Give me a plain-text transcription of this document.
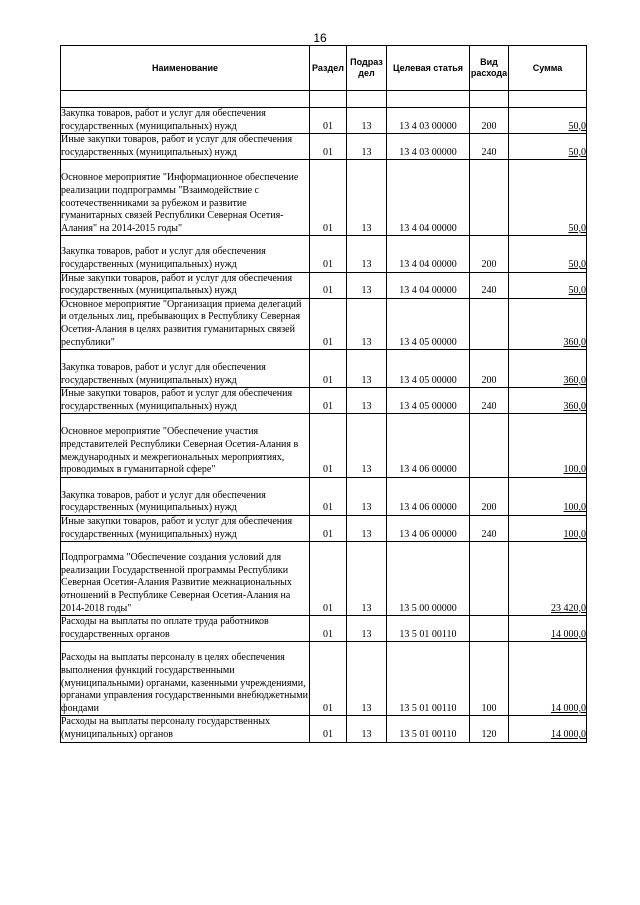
16
Наименование	Раздел	Подраз дел	Целевая статья	Вид расхода	Сумма

Закупка товаров, работ и услуг для обеспечения государственных (муниципальных) нужд	01	13	13 4 03 00000	200	50,0
Иные закупки товаров, работ и услуг для обеспечения государственных (муниципальных) нужд	01	13	13 4 03 00000	240	50,0
Основное мероприятие "Информационное обеспечение реализации подпрограммы "Взаимодействие с соотечественниками за рубежом и развитие гуманитарных связей Республики Северная Осетия-Алания" на 2014-2015 годы"	01	13	13 4 04 00000		50,0
Закупка товаров, работ и услуг для обеспечения государственных (муниципальных) нужд	01	13	13 4 04 00000	200	50,0
Иные закупки товаров, работ и услуг для обеспечения государственных (муниципальных) нужд	01	13	13 4 04 00000	240	50,0
Основное мероприятие "Организация приема делегаций и отдельных лиц, пребывающих в Республику Северная Осетия-Алания в целях развития гуманитарных связей республики"	01	13	13 4 05 00000		360,0
Закупка товаров, работ и услуг для обеспечения государственных (муниципальных) нужд	01	13	13 4 05 00000	200	360,0
Иные закупки товаров, работ и услуг для обеспечения государственных (муниципальных) нужд	01	13	13 4 05 00000	240	360,0
Основное мероприятие "Обеспечение участия представителей Республики Северная Осетия-Алания в международных и межрегиональных мероприятиях, проводимых в гуманитарной сфере"	01	13	13 4 06 00000		100,0
Закупка товаров, работ и услуг для обеспечения государственных (муниципальных) нужд	01	13	13 4 06 00000	200	100,0
Иные закупки товаров, работ и услуг для обеспечения государственных (муниципальных) нужд	01	13	13 4 06 00000	240	100,0
Подпрограмма "Обеспечение создания условий для реализации Государственной программы Республики Северная Осетия-Алания Развитие межнациональных отношений в Республике Северная Осетия-Алания на 2014-2018 годы"	01	13	13 5 00 00000		23 420,0
Расходы на выплаты по оплате труда работников государственных органов	01	13	13 5 01 00110		14 000,0
Расходы на выплаты персоналу в целях обеспечения выполнения функций государственными (муниципальными) органами, казенными учреждениями, органами управления государственными внебюджетными фондами	01	13	13 5 01 00110	100	14 000,0
Расходы на выплаты персоналу государственных (муниципальных) органов	01	13	13 5 01 00110	120	14 000,0
